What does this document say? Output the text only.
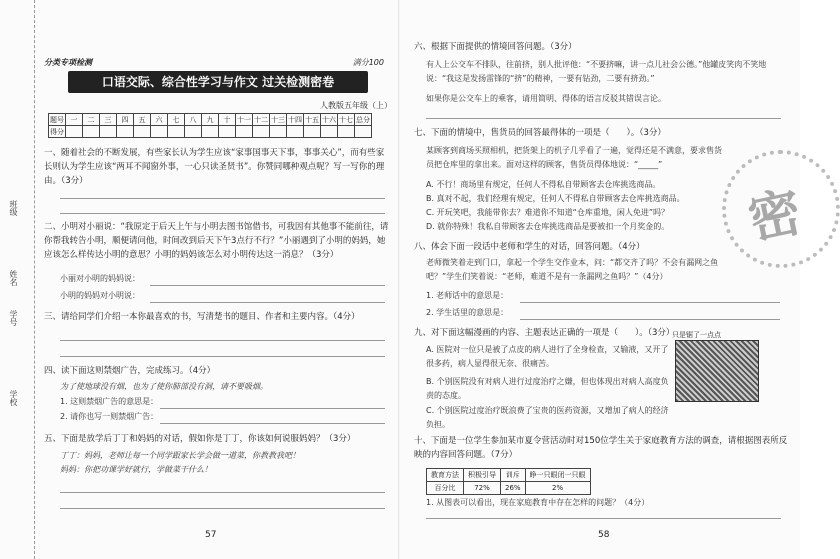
班级
姓名
学号
学校
分类专项检测	满分100
口语交际、综合性学习与作文 过关检测密卷
人教版五年级（上）
题号	一	二	三	四	五	六	七	八	九	十	十一	十二	十三	十四	十五	十六	十七	总分
得分																		
一、随着社会的不断发展，有些家长认为学生应该“家事国事天下事，事事关心”，而有些家长则认为学生应该“两耳不闻窗外事，一心只读圣贤书”。你赞同哪种观点呢？写一写你的理由。（3分）
二、小明对小丽说：“我原定于后天上午与小明去图书馆借书，可我因有其他事不能前往，请你帮我转告小明，顺便请问他，时间改到后天下午3点行不行？”小丽遇到了小明的妈妈，她应该怎么样传达小明的意思？小明的妈妈该怎么对小明传达这一消息？（3分）
小丽对小明的妈妈说：
小明的妈妈对小明说：
三、请给同学们介绍一本你最喜欢的书，写清楚书的题目、作者和主要内容。（4分）
四、读下面这则禁烟广告，完成练习。（4分）
为了使地球没有烟，也为了使你肺部没有洞，请不要吸烟。
1. 这则禁烟广告的意思是：
2. 请你也写一则禁烟广告：
五、下面是放学后丁丁和妈妈的对话，假如你是丁丁，你该如何说服妈妈？（3分）
丁丁：妈妈，老师让每一个同学跟家长学会做一道菜，你教教我吧！
妈妈：你把功课学好就行，学做菜干什么！
57	58
六、根据下面提供的情境回答问题。（3分）
有人上公交车不排队，往前挤，别人批评他：“不要挤嘛，讲一点儿社会公德。”他罐皮笑肉不笑地说：“我这是发扬雷锋的“挤”的精神，一要有钻劲，二要有挤劲。”
如果你是公交车上的乘客，请用简明、得体的语言反驳其错误言论。
七、下面的情境中，售货员的回答最得体的一项是（　　）。（3分）
某顾客到商场买照相机，把货架上的机子几乎看了一遍，觉得还是不满意，要求售货员把仓库里的拿出来。面对这样的顾客，售货员得体地说：“_____”
A. 不行！商场里有规定，任何人不得私自带顾客去仓库挑选商品。
B. 真对不起，我们经理有规定，任何人不得私自带顾客去仓库挑选商品。
C. 开玩笑吧，我能带你去？难道你不知道“仓库重地，闲人免进”吗？
D. 就你特殊！我私自带顾客去仓库挑选商品是要被扣一个月奖金的。
八、体会下面一段话中老师和学生的对话，回答问题。（4分）
老师微笑着走到门口，拿起一个学生交作业本，问：“都交齐了吗？不会有漏网之鱼吧？”学生们笑着说：“老师，难道不是有一条漏网之鱼吗？”（4分）
1. 老师话中的意思是：
2. 学生话里的意思是：
九、对下面这幅漫画的内容、主题表达正确的一项是（　　）。（3分）
只是锯了一点点
A. 医院对一位只是被了点皮的病人进行了全身检查，又输液，又开了很多药，病人显得很无奈、很痛苦。
B. 个别医院没有对病人进行过度治疗之嫌，但也体现出对病人高度负责的态度。
C. 个别医院过度治疗既浪费了宝贵的医药资源，又增加了病人的经济负担。
十、下面是一位学生参加某市夏令营活动时对150位学生关于家庭教育方法的调查，请根据图表所反映的内容回答问题。（7分）
教育方法	积极引导	训斥	睁一只眼闭一只眼
百分比	72%	26%	2%
1. 从图表可以看出，现在家庭教育中存在怎样的问题？（4分）
密
